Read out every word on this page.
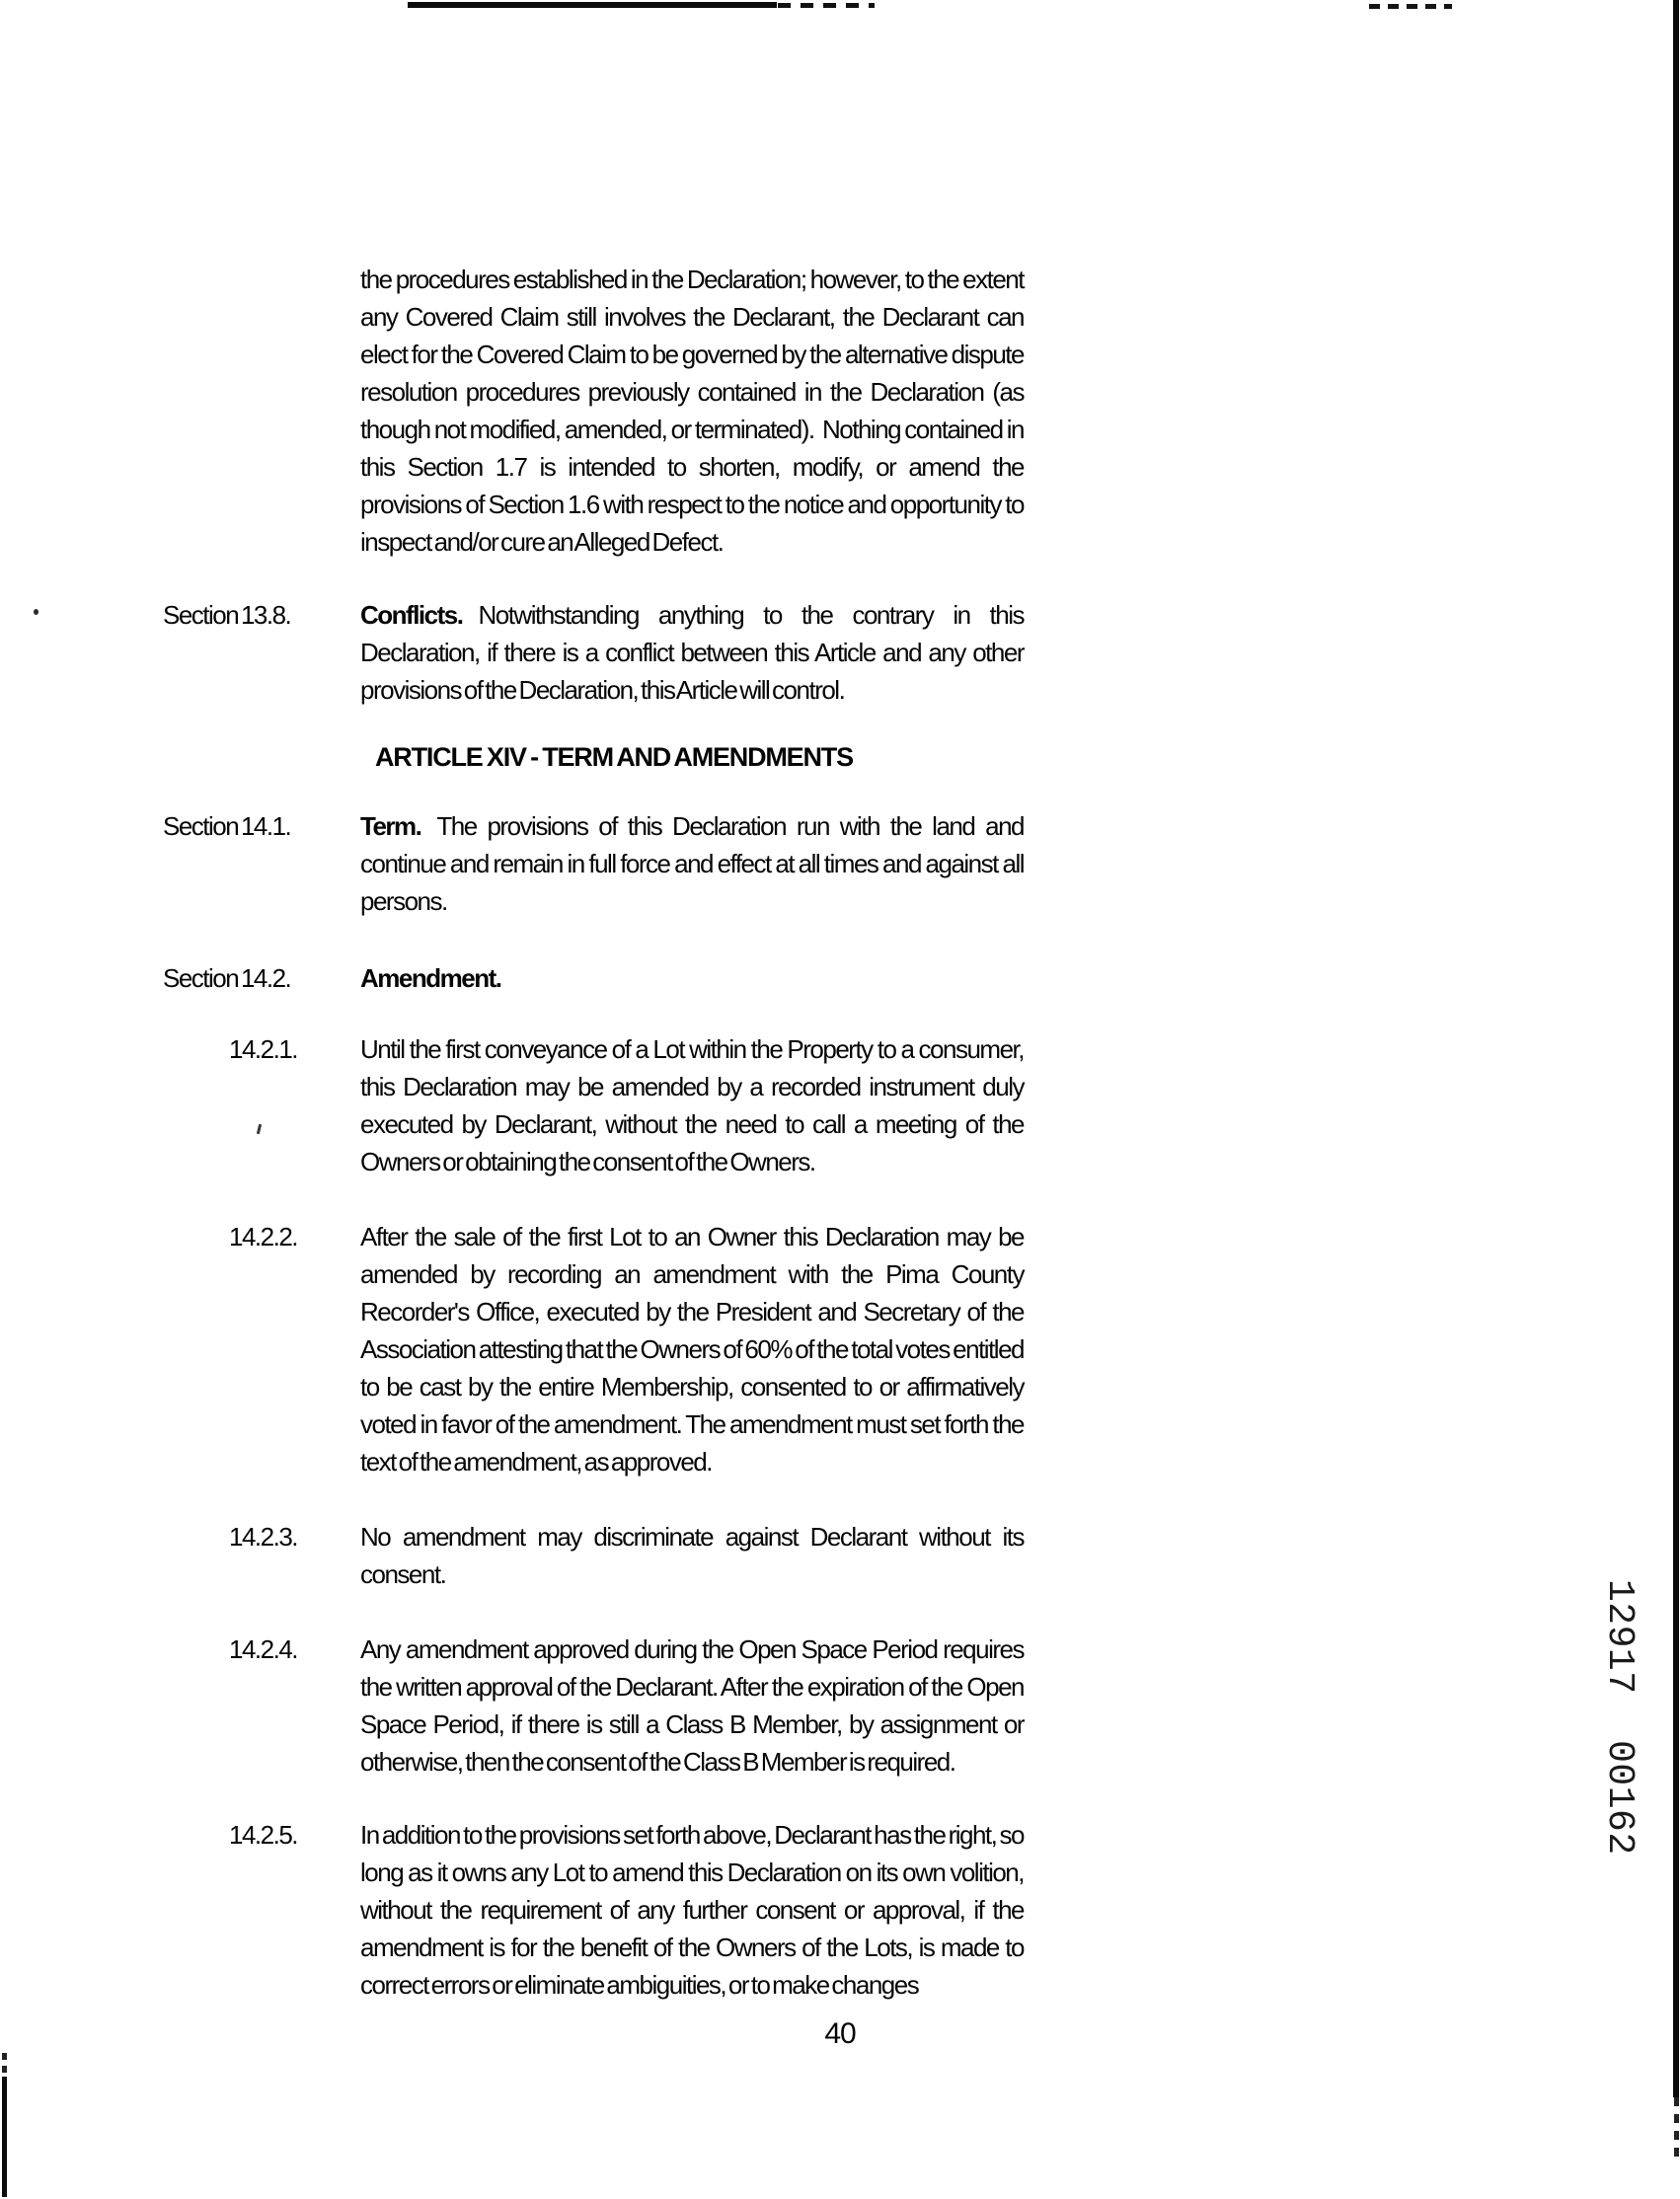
the procedures established in the Declaration; however, to the extent any Covered Claim still involves the Declarant, the Declarant can elect for the Covered Claim to be governed by the alternative dispute resolution procedures previously contained in the Declaration (as though not modified, amended, or terminated).  Nothing contained in this Section 1.7 is intended to shorten, modify, or amend the provisions of Section 1.6 with respect to the notice and opportunity to inspect and/or cure an Alleged Defect.

Section 13.8.	Conflicts. Notwithstanding anything to the contrary in this Declaration, if there is a conflict between this Article and any other provisions of the Declaration, this Article will control.

ARTICLE XIV - TERM AND AMENDMENTS
Section 14.1.	Term. The provisions of this Declaration run with the land and continue and remain in full force and effect at all times and against all persons.

Section 14.2.	Amendment.

14.2.1.	Until the first conveyance of a Lot within the Property to a consumer, this Declaration may be amended by a recorded instrument duly executed by Declarant, without the need to call a meeting of the Owners or obtaining the consent of the Owners.

14.2.2.	After the sale of the first Lot to an Owner this Declaration may be amended by recording an amendment with the Pima County Recorder's Office, executed by the President and Secretary of the Association attesting that the Owners of 60% of the total votes entitled to be cast by the entire Membership, consented to or affirmatively voted in favor of the amendment. The amendment must set forth the text of the amendment, as approved.

14.2.3.	No amendment may discriminate against Declarant without its consent.

14.2.4.	Any amendment approved during the Open Space Period requires the written approval of the Declarant. After the expiration of the Open Space Period, if there is still a Class B Member, by assignment or otherwise, then the consent of the Class B Member is required.

14.2.5.	In addition to the provisions set forth above, Declarant has the right, so long as it owns any Lot to amend this Declaration on its own volition, without the requirement of any further consent or approval, if the amendment is for the benefit of the Owners of the Lots, is made to correct errors or eliminate ambiguities, or to make changes

40
12917  00162
